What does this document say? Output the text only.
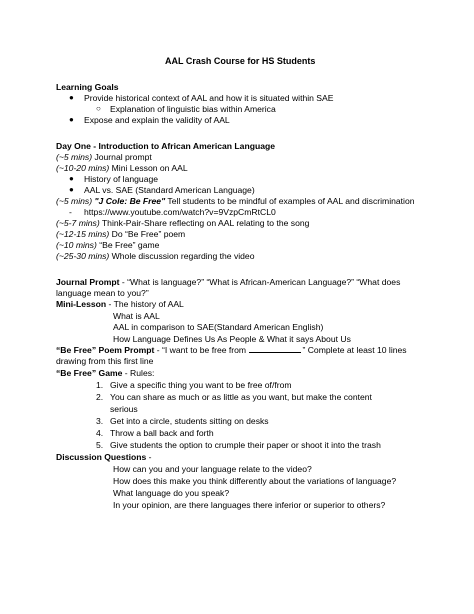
AAL Crash Course for HS Students
Learning Goals
● Provide historical context of AAL and how it is situated within SAE
○ Explanation of linguistic bias within America
● Expose and explain the validity of AAL
Day One - Introduction to African American Language
(~5 mins) Journal prompt
(~10-20 mins) Mini Lesson on AAL
● History of language
● AAL vs. SAE (Standard American Language)
(~5 mins) "J Cole: Be Free" Tell students to be mindful of examples of AAL and discrimination
- https://www.youtube.com/watch?v=9VzpCmRtCL0
(~5-7 mins) Think-Pair-Share reflecting on AAL relating to the song
(~12-15 mins) Do “Be Free” poem
(~10 mins) “Be Free” game
(~25-30 mins) Whole discussion regarding the video
Journal Prompt - “What is language?” “What is African-American Language?” “What does
language mean to you?”
Mini-Lesson - The history of AAL
What is AAL
AAL in comparison to SAE(Standard American English)
How Language Defines Us As People & What it says About Us
“Be Free” Poem Prompt - “I want to be free from	” Complete at least 10 lines
drawing from this first line
“Be Free” Game - Rules:
1. Give a specific thing you want to be free of/from
2. You can share as much or as little as you want, but make the content
serious
3. Get into a circle, students sitting on desks
4. Throw a ball back and forth
5. Give students the option to crumple their paper or shoot it into the trash
Discussion Questions -
How can you and your language relate to the video?
How does this make you think differently about the variations of language?
What language do you speak?
In your opinion, are there languages there inferior or superior to others?
